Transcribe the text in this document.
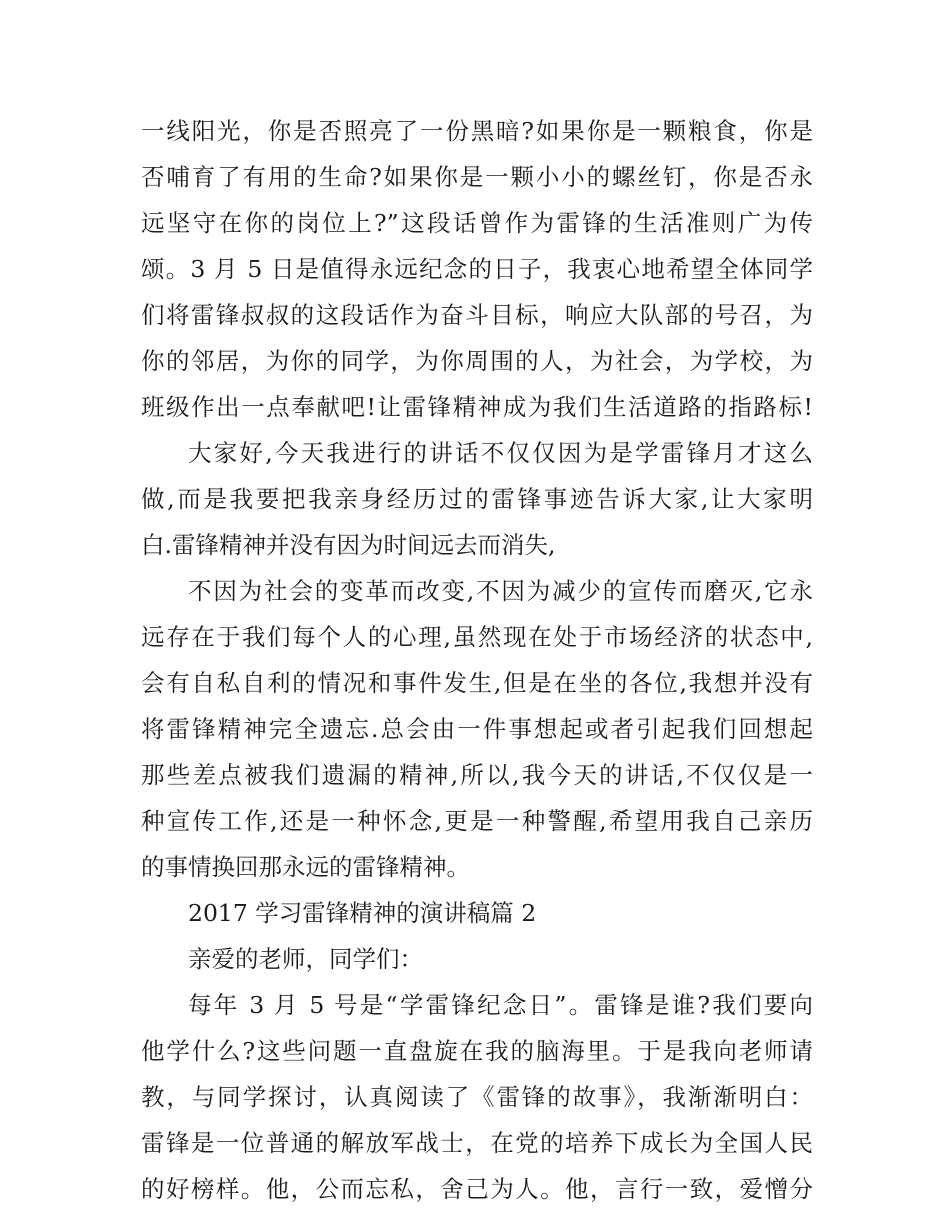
一线阳光，你是否照亮了一份黑暗?如果你是一颗粮食，你是
否哺育了有用的生命?如果你是一颗小小的螺丝钉，你是否永
远坚守在你的岗位上?”这段话曾作为雷锋的生活准则广为传
颂。3 月 5 日是值得永远纪念的日子，我衷心地希望全体同学
们将雷锋叔叔的这段话作为奋斗目标，响应大队部的号召，为
你的邻居，为你的同学，为你周围的人，为社会，为学校，为
班级作出一点奉献吧!让雷锋精神成为我们生活道路的指路标!
大家好,今天我进行的讲话不仅仅因为是学雷锋月才这么
做,而是我要把我亲身经历过的雷锋事迹告诉大家,让大家明
白.雷锋精神并没有因为时间远去而消失,
不因为社会的变革而改变,不因为减少的宣传而磨灭,它永
远存在于我们每个人的心理,虽然现在处于市场经济的状态中,
会有自私自利的情况和事件发生,但是在坐的各位,我想并没有
将雷锋精神完全遗忘.总会由一件事想起或者引起我们回想起
那些差点被我们遗漏的精神,所以,我今天的讲话,不仅仅是一
种宣传工作,还是一种怀念,更是一种警醒,希望用我自己亲历
的事情换回那永远的雷锋精神。
2017 学习雷锋精神的演讲稿篇 2
亲爱的老师，同学们：
每年 3 月 5 号是“学雷锋纪念日”。雷锋是谁?我们要向
他学什么?这些问题一直盘旋在我的脑海里。于是我向老师请
教，与同学探讨，认真阅读了《雷锋的故事》，我渐渐明白：
雷锋是一位普通的解放军战士，在党的培养下成长为全国人民
的好榜样。他，公而忘私，舍己为人。他，言行一致，爱憎分
